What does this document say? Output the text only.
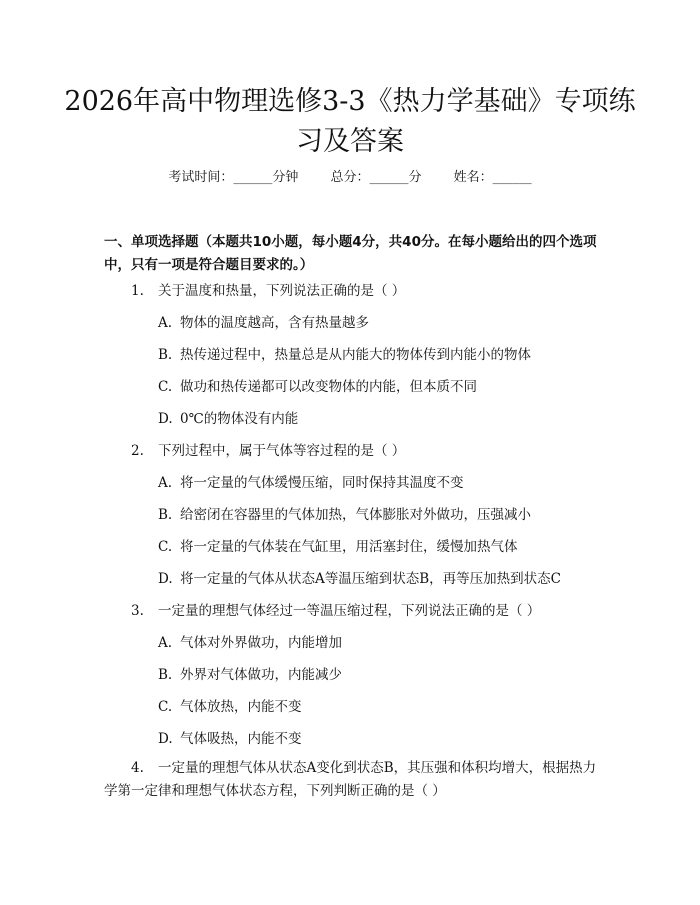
2026年高中物理选修3-3《热力学基础》专项练习及答案
考试时间：______分钟 总分：______分 姓名：______
一、单项选择题（本题共10小题，每小题4分，共40分。在每小题给出的四个选项中，只有一项是符合题目要求的。）
1. 关于温度和热量，下列说法正确的是（ ）
A. 物体的温度越高，含有热量越多
B. 热传递过程中，热量总是从内能大的物体传到内能小的物体
C. 做功和热传递都可以改变物体的内能，但本质不同
D. 0℃的物体没有内能
2. 下列过程中，属于气体等容过程的是（ ）
A. 将一定量的气体缓慢压缩，同时保持其温度不变
B. 给密闭在容器里的气体加热，气体膨胀对外做功，压强减小
C. 将一定量的气体装在气缸里，用活塞封住，缓慢加热气体
D. 将一定量的气体从状态A等温压缩到状态B，再等压加热到状态C
3. 一定量的理想气体经过一等温压缩过程，下列说法正确的是（ ）
A. 气体对外界做功，内能增加
B. 外界对气体做功，内能减少
C. 气体放热，内能不变
D. 气体吸热，内能不变
4. 一定量的理想气体从状态A变化到状态B，其压强和体积均增大，根据热力学第一定律和理想气体状态方程，下列判断正确的是（ ）
